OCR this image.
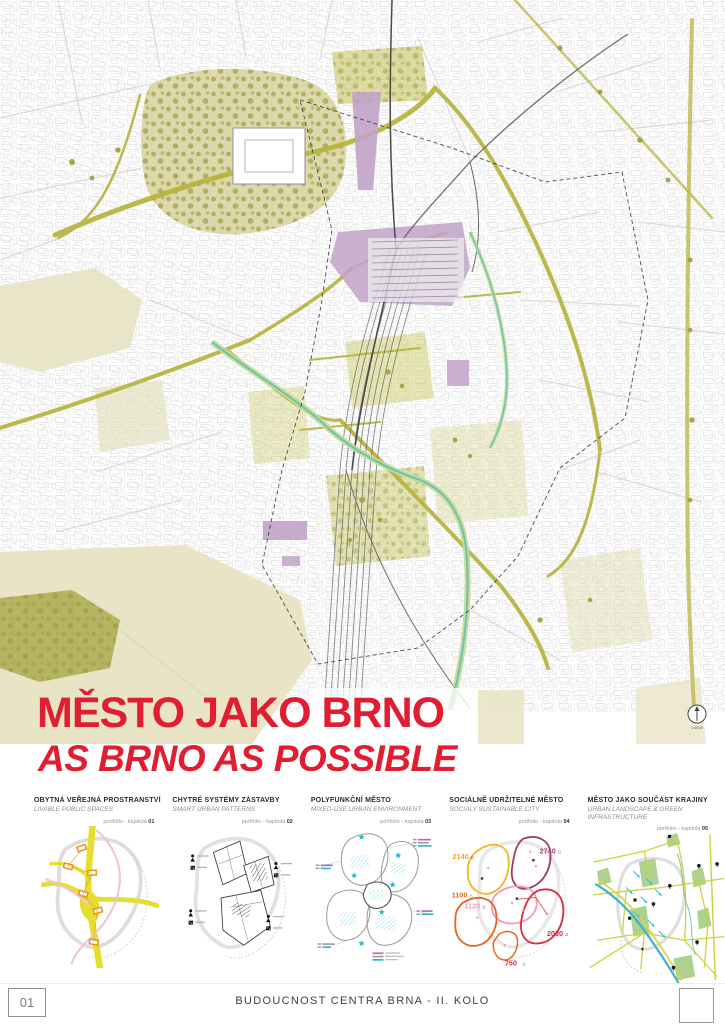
1:5000
MĚSTO JAKO BRNO
AS BRNO AS POSSIBLE
OBYTNÁ VEŘEJNÁ PROSTRANSTVÍ
LIVABLE PUBLIC SPACES
portfolio - kapitola 01
CHYTRÉ SYSTÉMY ZÁSTAVBY
SMART URBAN PATTERNS
portfolio - kapitola 02
POLYFUNKČNÍ MĚSTO
MIXED-USE URBAN ENVIRONMENT
portfolio - kapitola 03
SOCIÁLNĚ UDRŽITELNÉ MĚSTO
SOCIALY SUSTAINABLE CITY
portfolio - kapitola 04
2140 ⌂
2740 ⌂
1120 ⌂
2030 ⌂
750 ⌂
1100 ⌂
MĚSTO JAKO SOUČÁST KRAJINY
URBAN LANDSCAPE & GREEN INFRASTRUCTURE
portfolio - kapitola 05
♥
01	BUDOUCNOST CENTRA BRNA - II. KOLO
